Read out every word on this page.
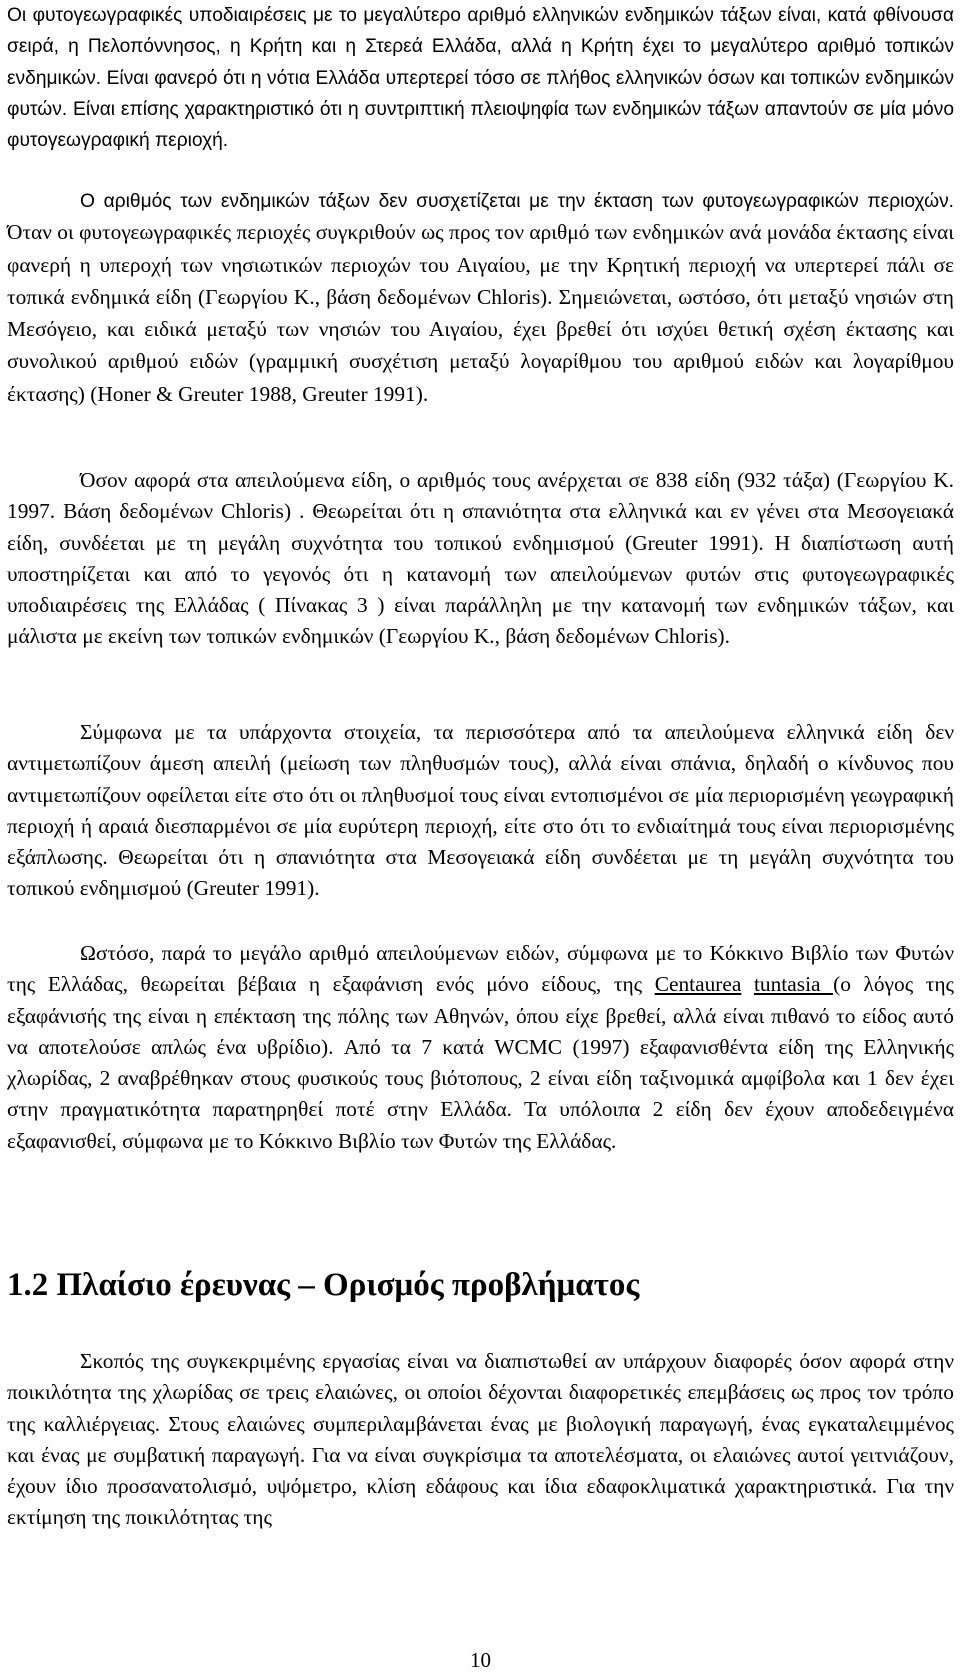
Οι φυτογεωγραφικές υποδιαιρέσεις με το μεγαλύτερο αριθμό ελληνικών ενδημικών τάξων είναι, κατά φθίνουσα σειρά, η Πελοπόννησος, η Κρήτη και η Στερεά Ελλάδα, αλλά η Κρήτη έχει το μεγαλύτερο αριθμό τοπικών ενδημικών. Είναι φανερό ότι η νότια Ελλάδα υπερτερεί τόσο σε πλήθος ελληνικών όσων και τοπικών ενδημικών φυτών. Είναι επίσης χαρακτηριστικό ότι η συντριπτική πλειοψηφία των ενδημικών τάξων απαντούν σε μία μόνο φυτογεωγραφική περιοχή.

Ο αριθμός των ενδημικών τάξων δεν συσχετίζεται με την έκταση των φυτογεωγραφικών περιοχών. Όταν οι φυτογεωγραφικές περιοχές συγκριθούν ως προς τον αριθμό των ενδημικών ανά μονάδα έκτασης είναι φανερή η υπεροχή των νησιωτικών περιοχών του Αιγαίου, με την Κρητική περιοχή να υπερτερεί πάλι σε τοπικά ενδημικά είδη (Γεωργίου Κ., βάση δεδομένων Chloris). Σημειώνεται, ωστόσο, ότι μεταξύ νησιών στη Μεσόγειο, και ειδικά μεταξύ των νησιών του Αιγαίου, έχει βρεθεί ότι ισχύει θετική σχέση έκτασης και συνολικού αριθμού ειδών (γραμμική συσχέτιση μεταξύ λογαρίθμου του αριθμού ειδών και λογαρίθμου έκτασης) (Honer & Greuter 1988, Greuter 1991).

Όσον αφορά στα απειλούμενα είδη, ο αριθμός τους ανέρχεται σε 838 είδη (932 τάξα) (Γεωργίου Κ. 1997. Βάση δεδομένων Chloris) . Θεωρείται ότι η σπανιότητα στα ελληνικά και εν γένει στα Μεσογειακά είδη, συνδέεται με τη μεγάλη συχνότητα του τοπικού ενδημισμού (Greuter 1991). Η διαπίστωση αυτή υποστηρίζεται και από το γεγονός ότι η κατανομή των απειλούμενων φυτών στις φυτογεωγραφικές υποδιαιρέσεις της Ελλάδας ( Πίνακας 3 ) είναι παράλληλη με την κατανομή των ενδημικών τάξων, και μάλιστα με εκείνη των τοπικών ενδημικών (Γεωργίου Κ., βάση δεδομένων Chloris).

Σύμφωνα με τα υπάρχοντα στοιχεία, τα περισσότερα από τα απειλούμενα ελληνικά είδη δεν αντιμετωπίζουν άμεση απειλή (μείωση των πληθυσμών τους), αλλά είναι σπάνια, δηλαδή ο κίνδυνος που αντιμετωπίζουν οφείλεται είτε στο ότι οι πληθυσμοί τους είναι εντοπισμένοι σε μία περιορισμένη γεωγραφική περιοχή ή αραιά διεσπαρμένοι σε μία ευρύτερη περιοχή, είτε στο ότι το ενδιαίτημά τους είναι περιορισμένης εξάπλωσης. Θεωρείται ότι η σπανιότητα στα Μεσογειακά είδη συνδέεται με τη μεγάλη συχνότητα του τοπικού ενδημισμού (Greuter 1991).

Ωστόσο, παρά το μεγάλο αριθμό απειλούμενων ειδών, σύμφωνα με το Κόκκινο Βιβλίο των Φυτών της Ελλάδας, θεωρείται βέβαια η εξαφάνιση ενός μόνο είδους, της Centaurea tuntasia (ο λόγος της εξαφάνισής της είναι η επέκταση της πόλης των Αθηνών, όπου είχε βρεθεί, αλλά είναι πιθανό το είδος αυτό να αποτελούσε απλώς ένα υβρίδιο). Από τα 7 κατά WCMC (1997) εξαφανισθέντα είδη της Ελληνικής χλωρίδας, 2 αναβρέθηκαν στους φυσικούς τους βιότοπους, 2 είναι είδη ταξινομικά αμφίβολα και 1 δεν έχει στην πραγματικότητα παρατηρηθεί ποτέ στην Ελλάδα. Τα υπόλοιπα 2 είδη δεν έχουν αποδεδειγμένα εξαφανισθεί, σύμφωνα με το Κόκκινο Βιβλίο των Φυτών της Ελλάδας.

1.2 Πλαίσιο έρευνας – Ορισμός προβλήματος

Σκοπός της συγκεκριμένης εργασίας είναι να διαπιστωθεί αν υπάρχουν διαφορές όσον αφορά στην ποικιλότητα της χλωρίδας σε τρεις ελαιώνες, οι οποίοι δέχονται διαφορετικές επεμβάσεις ως προς τον τρόπο της καλλιέργειας. Στους ελαιώνες συμπεριλαμβάνεται ένας με βιολογική παραγωγή, ένας εγκαταλειμμένος και ένας με συμβατική παραγωγή. Για να είναι συγκρίσιμα τα αποτελέσματα, οι ελαιώνες αυτοί γειτνιάζουν, έχουν ίδιο προσανατολισμό, υψόμετρο, κλίση εδάφους και ίδια εδαφοκλιματικά χαρακτηριστικά. Για την εκτίμηση της ποικιλότητας της

10
